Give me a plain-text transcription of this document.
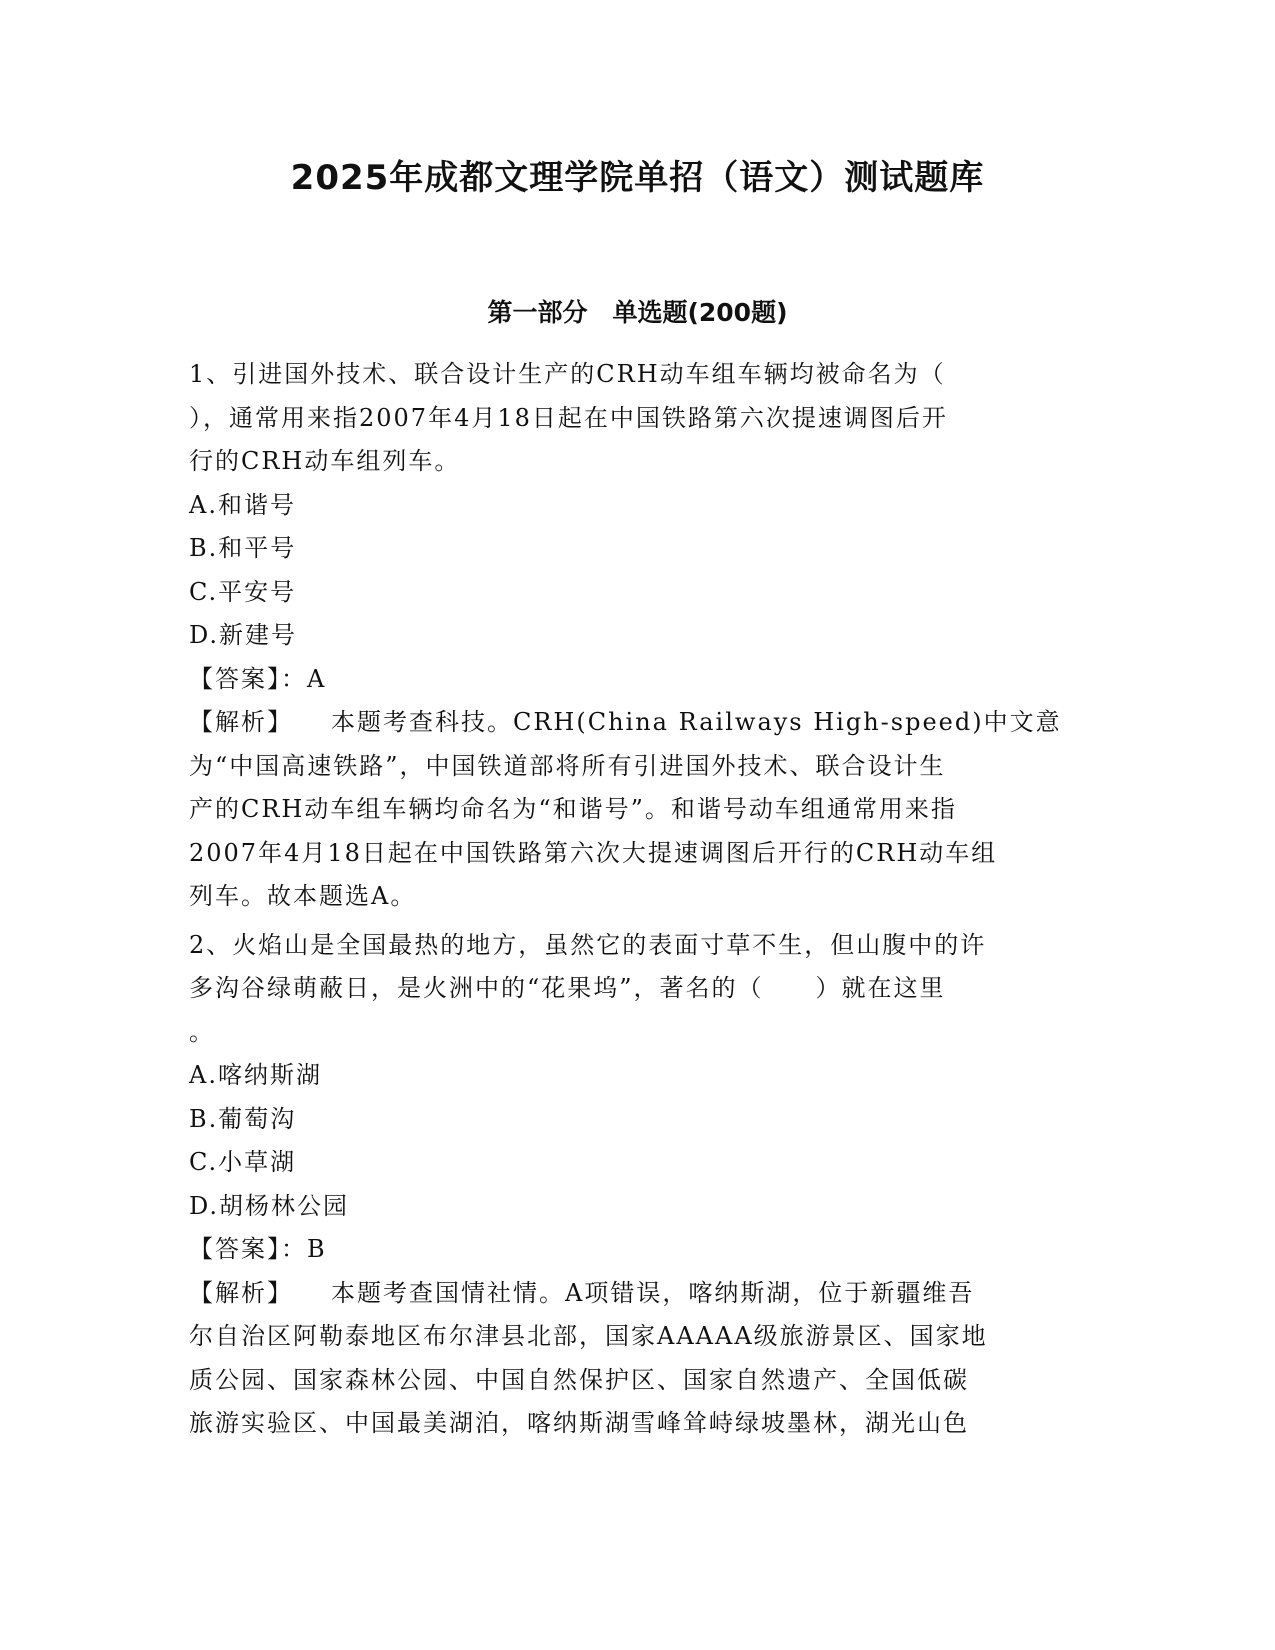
2025年成都文理学院单招（语文）测试题库
第一部分　单选题(200题)
1、引进国外技术、联合设计生产的CRH动车组车辆均被命名为（
），通常用来指2007年4月18日起在中国铁路第六次提速调图后开
行的CRH动车组列车。
A.和谐号
B.和平号
C.平安号
D.新建号
【答案】：A
【解析】 本题考查科技。CRH(China Railways High-speed)中文意
为“中国高速铁路”，中国铁道部将所有引进国外技术、联合设计生
产的CRH动车组车辆均命名为“和谐号”。和谐号动车组通常用来指
2007年4月18日起在中国铁路第六次大提速调图后开行的CRH动车组
列车。故本题选A。
2、火焰山是全国最热的地方，虽然它的表面寸草不生，但山腹中的许
多沟谷绿萌蔽日，是火洲中的“花果坞”，著名的（　　）就在这里
。
A.喀纳斯湖
B.葡萄沟
C.小草湖
D.胡杨林公园
【答案】：B
【解析】 本题考查国情社情。A项错误，喀纳斯湖，位于新疆维吾
尔自治区阿勒泰地区布尔津县北部，国家AAAAA级旅游景区、国家地
质公园、国家森林公园、中国自然保护区、国家自然遗产、全国低碳
旅游实验区、中国最美湖泊，喀纳斯湖雪峰耸峙绿坡墨林，湖光山色
